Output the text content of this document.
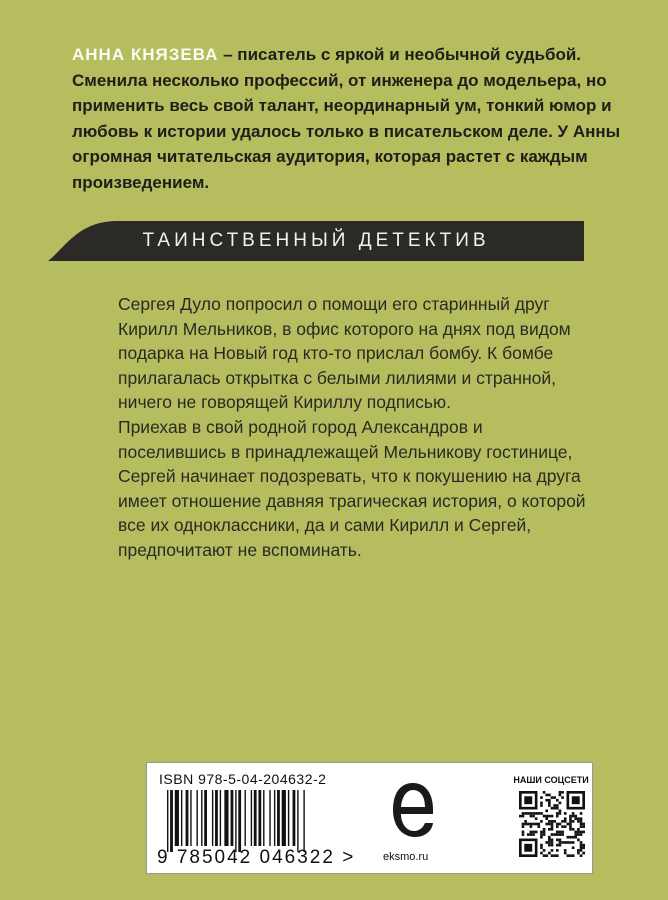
АННА КНЯЗЕВА – писатель с яркой и необычной судьбой. Сменила несколько профессий, от инженера до модельера, но применить весь свой талант, неординарный ум, тонкий юмор и любовь к истории удалось только в писательском деле. У Анны огромная читательская аудитория, которая растет с каждым произведением.
ТАИНСТВЕННЫЙ ДЕТЕКТИВ

Сергея Дуло попросил о помощи его старинный друг Кирилл Мельников, в офис которого на днях под видом подарка на Новый год кто-то прислал бомбу. К бомбе прилагалась открытка с белыми лилиями и странной, ничего не говорящей Кириллу подписью.

Приехав в свой родной город Александров и поселившись в принадлежащей Мельникову гостинице, Сергей начинает подозревать, что к покушению на друга имеет отношение давняя трагическая история, о которой все их одноклассники, да и сами Кирилл и Сергей, предпочитают не вспоминать.

ISBN 978-5-04-204632-2
9 785042 046322 >	eksmo.ru
НАШИ СОЦСЕТИ
